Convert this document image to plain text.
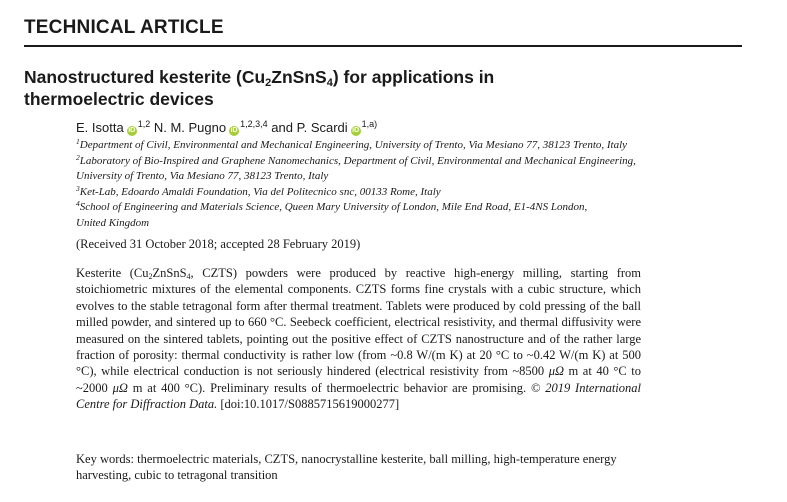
TECHNICAL ARTICLE
Nanostructured kesterite $(Cu_2ZnSnS_4)$ for applications in
thermoelectric devices
E. Isotta iD$^{1,2}$ N. M. Pugno iD$^{1,2,3,4}$ and P. Scardi iD$^{1,a)}$

$^1$Department of Civil, Environmental and Mechanical Engineering, University of Trento, Via Mesiano 77, 38123 Trento, Italy

$^2$Laboratory of Bio-Inspired and Graphene Nanomechanics, Department of Civil, Environmental and Mechanical Engineering,
University of Trento, Via Mesiano 77, 38123 Trento, Italy

$^3$Ket-Lab, Edoardo Amaldi Foundation, Via del Politecnico snc, 00133 Rome, Italy

$^4$School of Engineering and Materials Science, Queen Mary University of London, Mile End Road, E1-4NS London,
United Kingdom

(Received 31 October 2018; accepted 28 February 2019)
Kesterite ($Cu_2ZnSnS_4$, CZTS) powders were produced by reactive high-energy milling, starting from stoichiometric mixtures of the elemental components. CZTS forms fine crystals with a cubic structure, which evolves to the stable tetragonal form after thermal treatment. Tablets were produced by cold pressing of the ball milled powder, and sintered up to 660 °C. Seebeck coefficient, electrical resistivity, and thermal diffusivity were measured on the sintered tablets, pointing out the positive effect of CZTS nanostructure and of the rather large fraction of porosity: thermal conductivity is rather low (from ~0.8 W/(m K) at 20 °C to ~0.42 W/(m K) at 500 °C), while electrical conduction is not seriously hindered (electrical resistivity from ~8500 μΩ m at 40 °C to ~2000 μΩ m at 400 °C). Preliminary results of thermoelectric behavior are promising. © 2019 International Centre for Diffraction Data. [doi:10.1017/S0885715619000277]
Key words: thermoelectric materials, CZTS, nanocrystalline kesterite, ball milling, high-temperature energy harvesting, cubic to tetragonal transition
